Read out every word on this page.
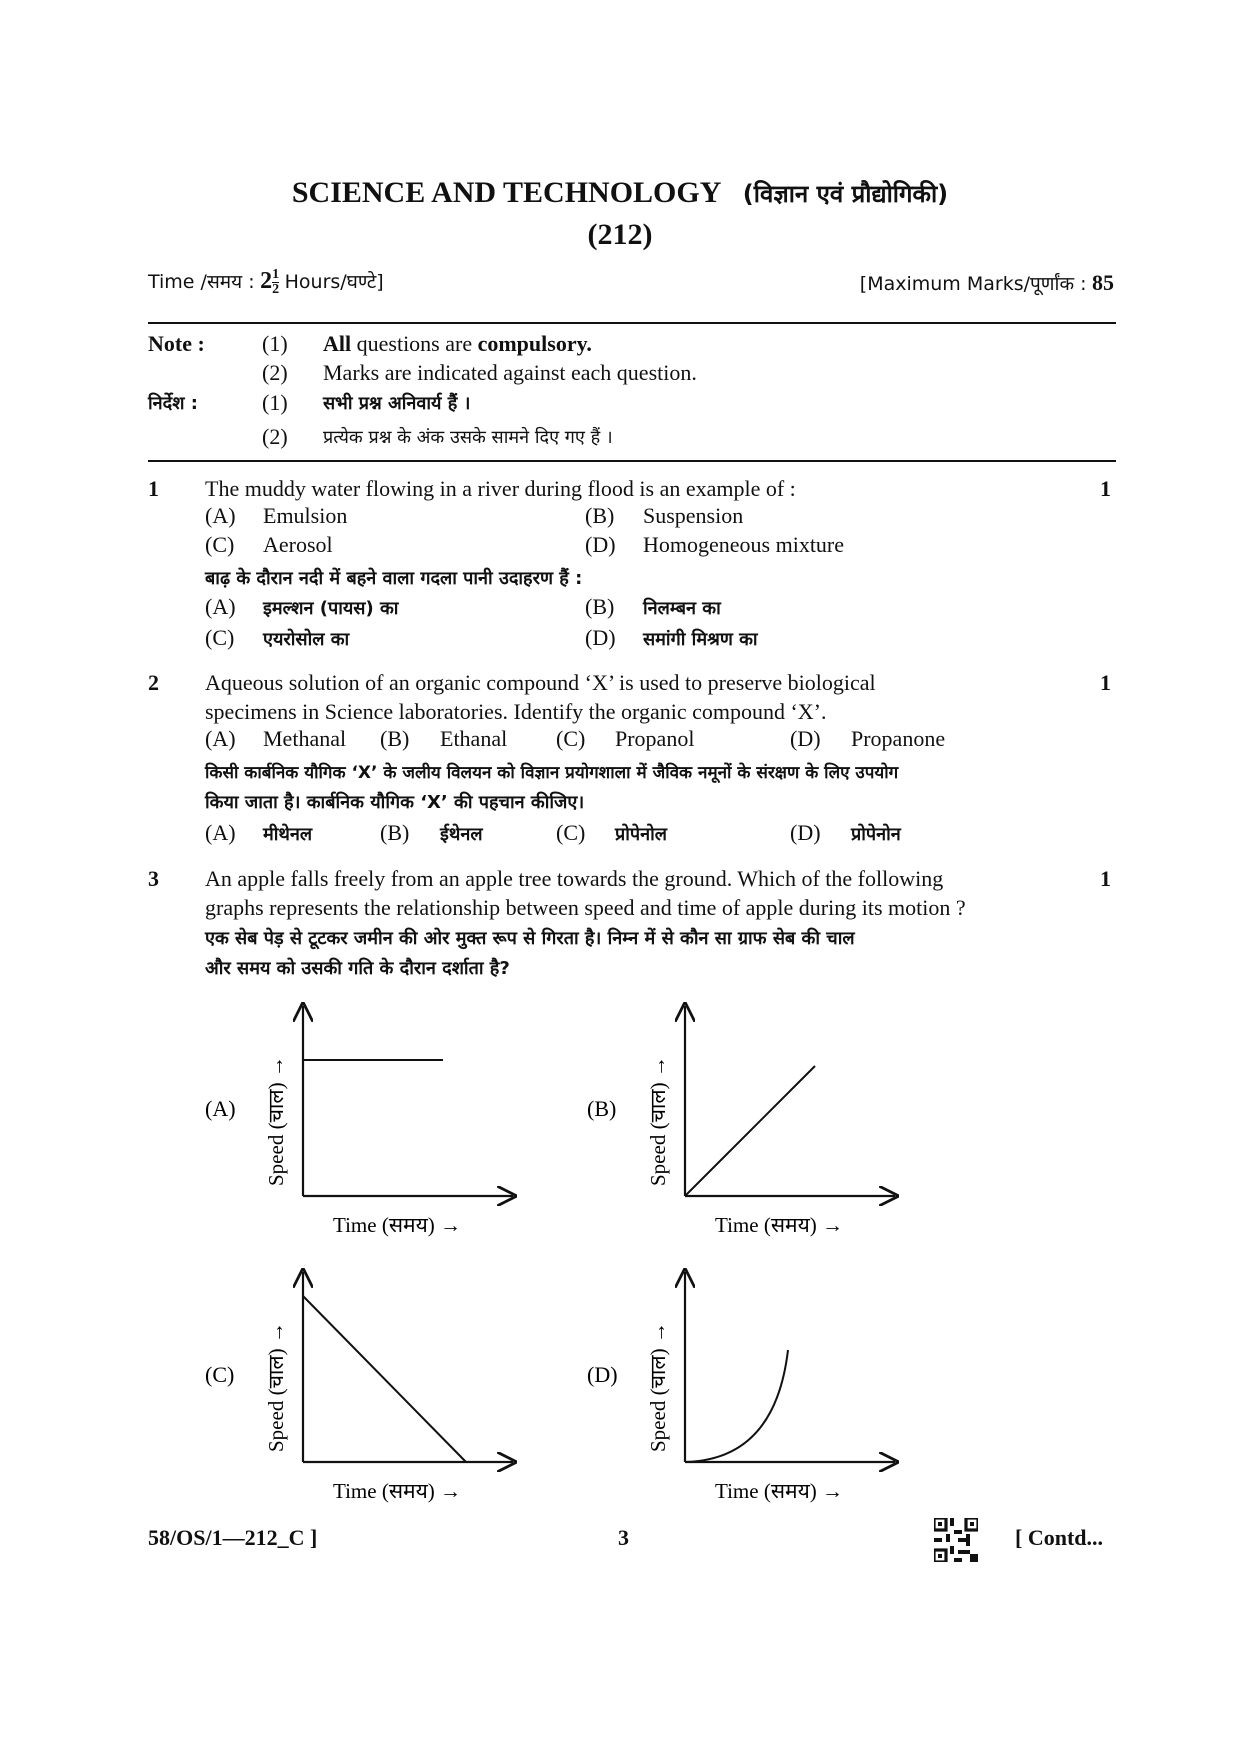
SCIENCE AND TECHNOLOGY (विज्ञान एवं प्रौद्योगिकी)
(212)
Time /समय : $2 \frac{1}{2}$ Hours/घण्टे]	[Maximum Marks/पूर्णांक : 85
Note :	(1) All questions are compulsory.
(2) Marks are indicated against each question.
निर्देश :	(1) सभी प्रश्न अनिवार्य हैं ।
(2) प्रत्येक प्रश्न के अंक उसके सामने दिए गए हैं ।
1	1
The muddy water flowing in a river during flood is an example of :
(A) Emulsion	(B) Suspension
(C) Aerosol	(D) Homogeneous mixture
बाढ़ के दौरान नदी में बहने वाला गदला पानी उदाहरण हैं :
(A) इमल्शन (पायस) का	(B) निलम्बन का
(C) एयरोसोल का	(D) समांगी मिश्रण का
2	1
Aqueous solution of an organic compound ‘X’ is used to preserve biological
specimens in Science laboratories. Identify the organic compound ‘X’.
(A) Methanal (B) Ethanal (C) Propanol	(D) Propanone
किसी कार्बनिक यौगिक ‘X’ के जलीय विलयन को विज्ञान प्रयोगशाला में जैविक नमूनों के संरक्षण के लिए उपयोग
किया जाता है। कार्बनिक यौगिक ‘X’ की पहचान कीजिए।
(A) मीथेनल	(B) ईथेनल	(C) प्रोपेनोल	(D) प्रोपेनोन
3	1
An apple falls freely from an apple tree towards the ground. Which of the following
graphs represents the relationship between speed and time of apple during its motion ?
एक सेब पेड़ से टूटकर जमीन की ओर मुक्त रूप से गिरता है। निम्न में से कौन सा ग्राफ सेब की चाल
और समय को उसकी गति के दौरान दर्शाता है?
(A) Speed (चाल) →
Time (समय) →
(B) Speed (चाल) →
Time (समय) →
(C) Speed (चाल) →
Time (समय) →
(D) Speed (चाल) →
Time (समय) →
58/OS/1—212_C ]	3	[ Contd...
